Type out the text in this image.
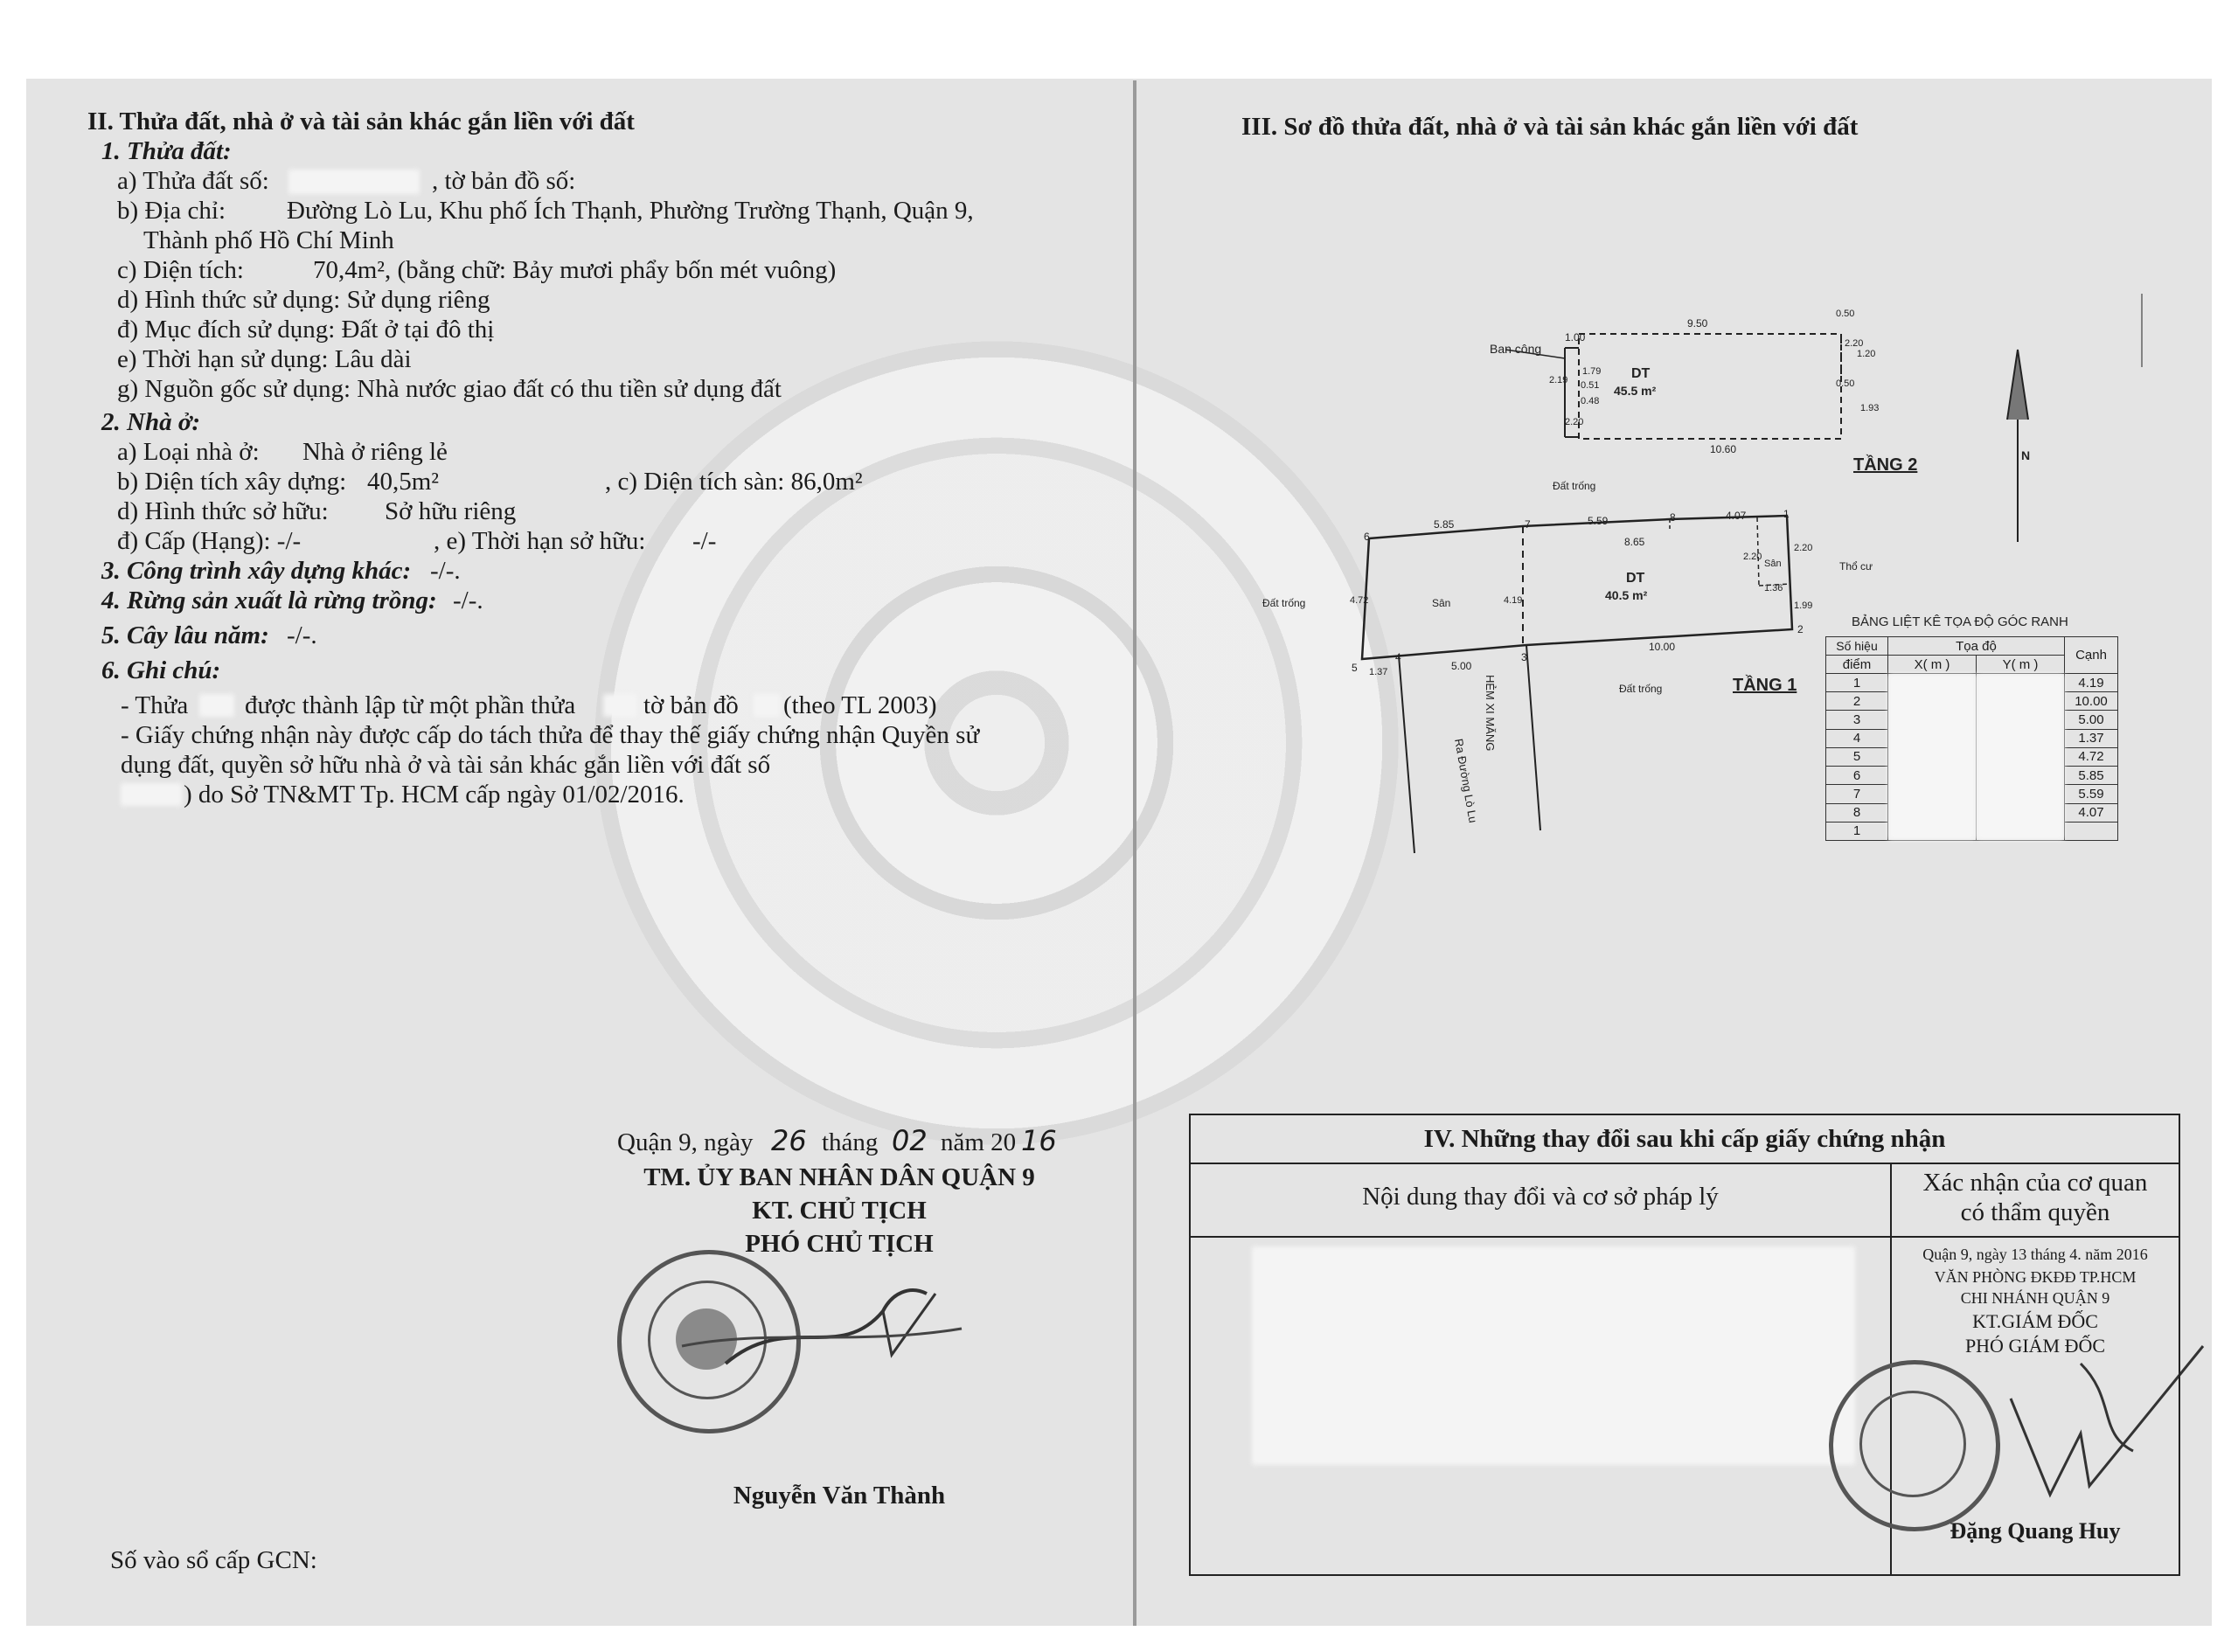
II. Thửa đất, nhà ở và tài sản khác gắn liền với đất
1. Thửa đất:
a) Thửa đất số:	, tờ bản đồ số:
b) Địa chỉ: Đường Lò Lu, Khu phố Ích Thạnh, Phường Trường Thạnh, Quận 9,
Thành phố Hồ Chí Minh
c) Diện tích:	70,4m², (bằng chữ: Bảy mươi phẩy bốn mét vuông)
d) Hình thức sử dụng: Sử dụng riêng
đ) Mục đích sử dụng: Đất ở tại đô thị
e) Thời hạn sử dụng: Lâu dài
g) Nguồn gốc sử dụng: Nhà nước giao đất có thu tiền sử dụng đất
2. Nhà ở:
a) Loại nhà ở: Nhà ở riêng lẻ
b) Diện tích xây dựng: 40,5m²	, c) Diện tích sàn: 86,0m²
d) Hình thức sở hữu: Sở hữu riêng
đ) Cấp (Hạng): -/-	, e) Thời hạn sở hữu: -/-
3. Công trình xây dựng khác: -/-.
4. Rừng sản xuất là rừng trồng: -/-.
5. Cây lâu năm: -/-.
6. Ghi chú:
- Thửa được thành lập từ một phần thửa	tờ bản đồ (theo TL 2003)
- Giấy chứng nhận này được cấp do tách thửa để thay thế giấy chứng nhận Quyền sử
dụng đất, quyền sở hữu nhà ở và tài sản khác gắn liền với đất số
) do Sở TN&MT Tp. HCM cấp ngày 01/02/2016.
Quận 9, ngày 26 tháng 02 năm 20 16
TM. ỦY BAN NHÂN DÂN QUẬN 9
KT. CHỦ TỊCH
PHÓ CHỦ TỊCH
Nguyễn Văn Thành
Số vào sổ cấp GCN:
III. Sơ đồ thửa đất, nhà ở và tài sản khác gắn liền với đất
Ban công
DT
45.5 m²
9.50
1.00
0.50
2.20
0.50
1.79
1.20
1.93
2.19 0.51
0.48
2.20
10.60
TẦNG 2
Đất trống
6
7
8	1
2
3
4
5
DT
40.5 m²
5.85	5.59
8.65
4.07
2.20
2.20
1.36
1.99
4.72	4.19
10.00
1.37	5.00
Sân
Sân
Đất trống
Đất trống
Thổ cư
TẦNG 1
HẺM XI MĂNG
Ra Đường Lò Lu
N
BẢNG LIỆT KÊ TỌA ĐỘ GÓC RANH
Số hiệu	Tọa độ		Cạnh
điểm	X( m )	Y( m )	
1			4.19
2			10.00
3			5.00
4			1.37
5			4.72
6			5.85
7			5.59
8			4.07
1			
IV. Những thay đổi sau khi cấp giấy chứng nhận
Nội dung thay đổi và cơ sở pháp lý	Xác nhận của cơ quan
có thẩm quyền
Quận 9, ngày 13 tháng 4. năm 2016
VĂN PHÒNG ĐKĐĐ TP.HCM
CHI NHÁNH QUẬN 9
KT.GIÁM ĐỐC
PHÓ GIÁM ĐỐC
Đặng Quang Huy
